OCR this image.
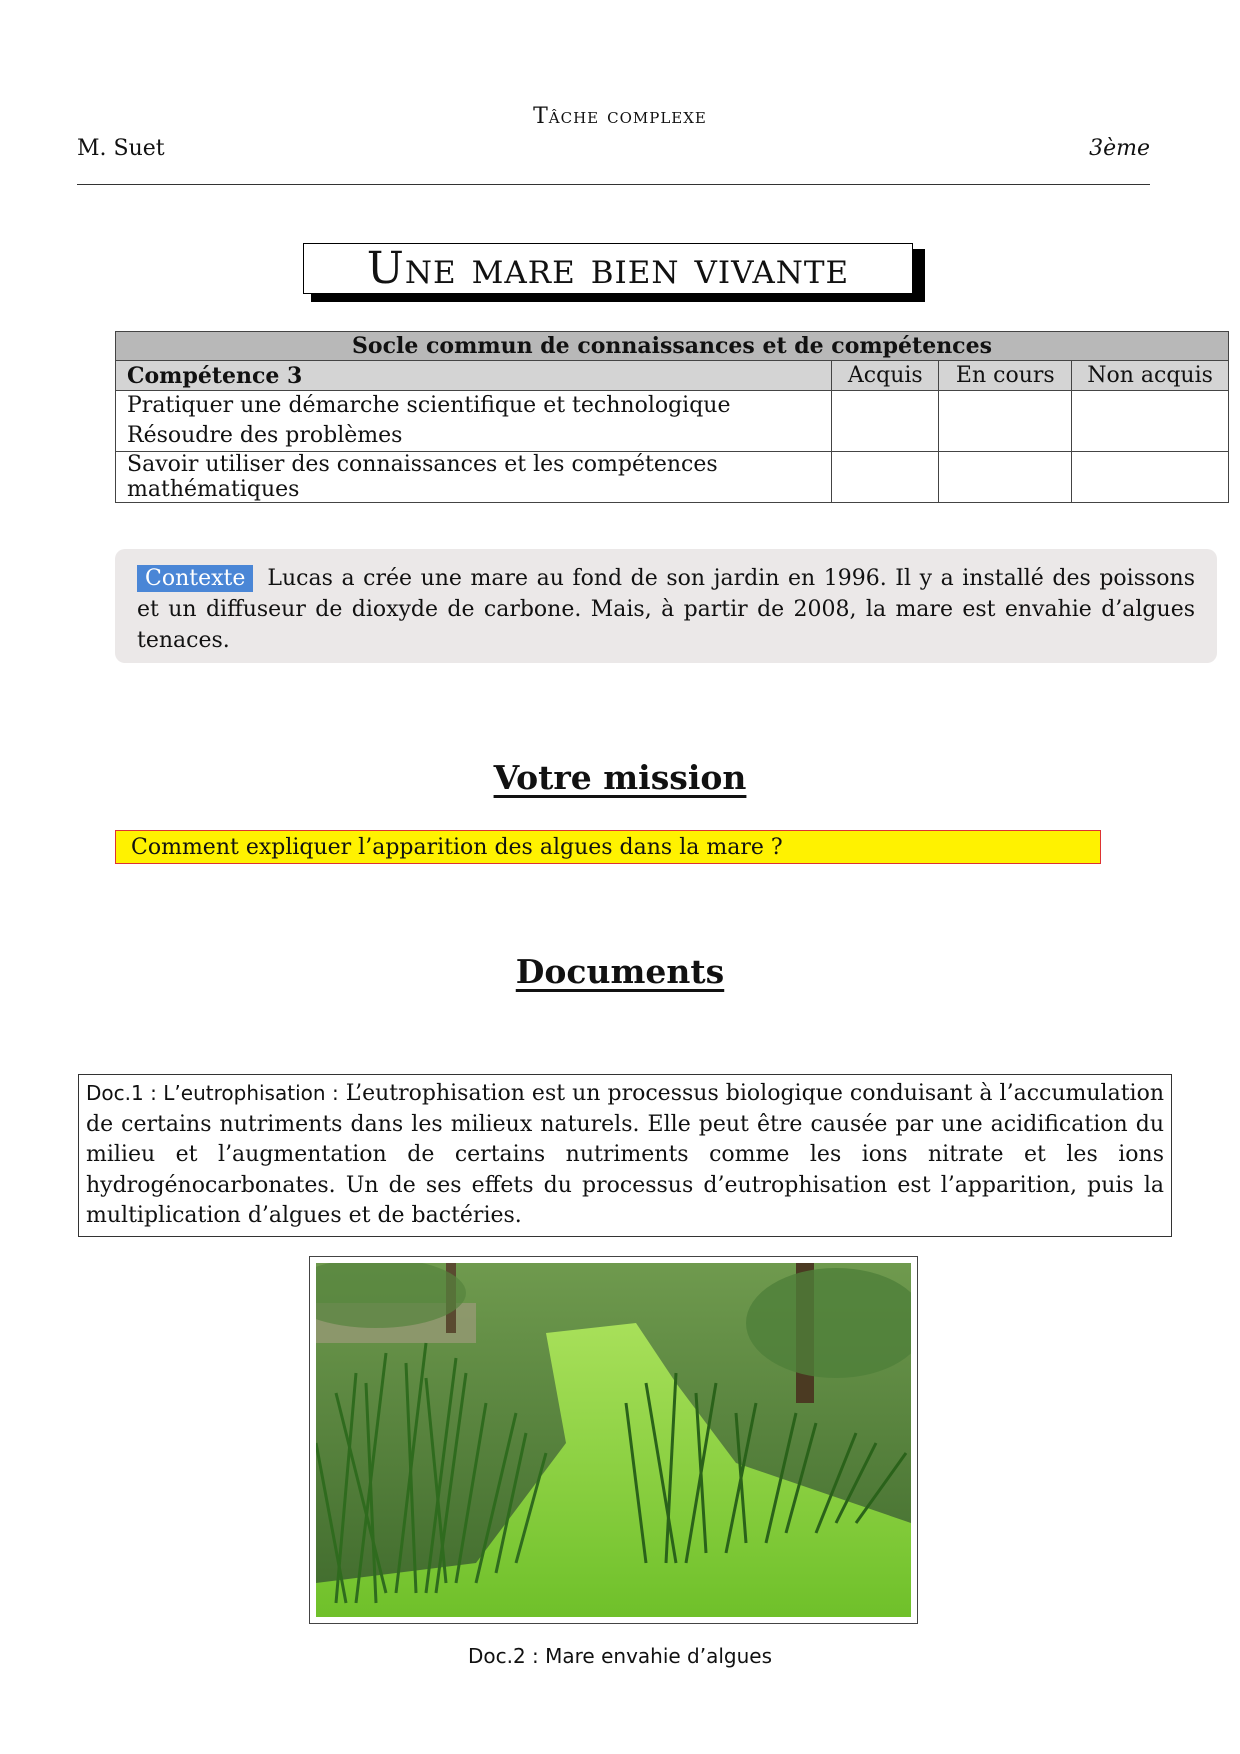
Tâche complexe
M. Suet	3ème
Une mare bien vivante
Socle commun de connaissances et de compétences			
Compétence 3	Acquis	En cours	Non acquis

Pratiquer une démarche scientifique et technologique
Résoudre des problèmes			

Savoir utiliser des connaissances et les compétences mathématiques			
Contexte Lucas a crée une mare au fond de son jardin en 1996. Il y a installé des poissons et un diffuseur de dioxyde de carbone. Mais, à partir de 2008, la mare est envahie d’algues tenaces.
Votre mission
Comment expliquer l’apparition des algues dans la mare ?
Documents
Doc.1 : L’eutrophisation : L’eutrophisation est un processus biologique conduisant à l’accumulation de certains nutriments dans les milieux naturels. Elle peut être causée par une acidification du milieu et l’augmentation de certains nutriments comme les ions nitrate et les ions hydrogénocarbonates. Un de ses effets du processus d’eutrophisation est l’apparition, puis la multiplication d’algues et de bactéries.
Doc.2 : Mare envahie d’algues
